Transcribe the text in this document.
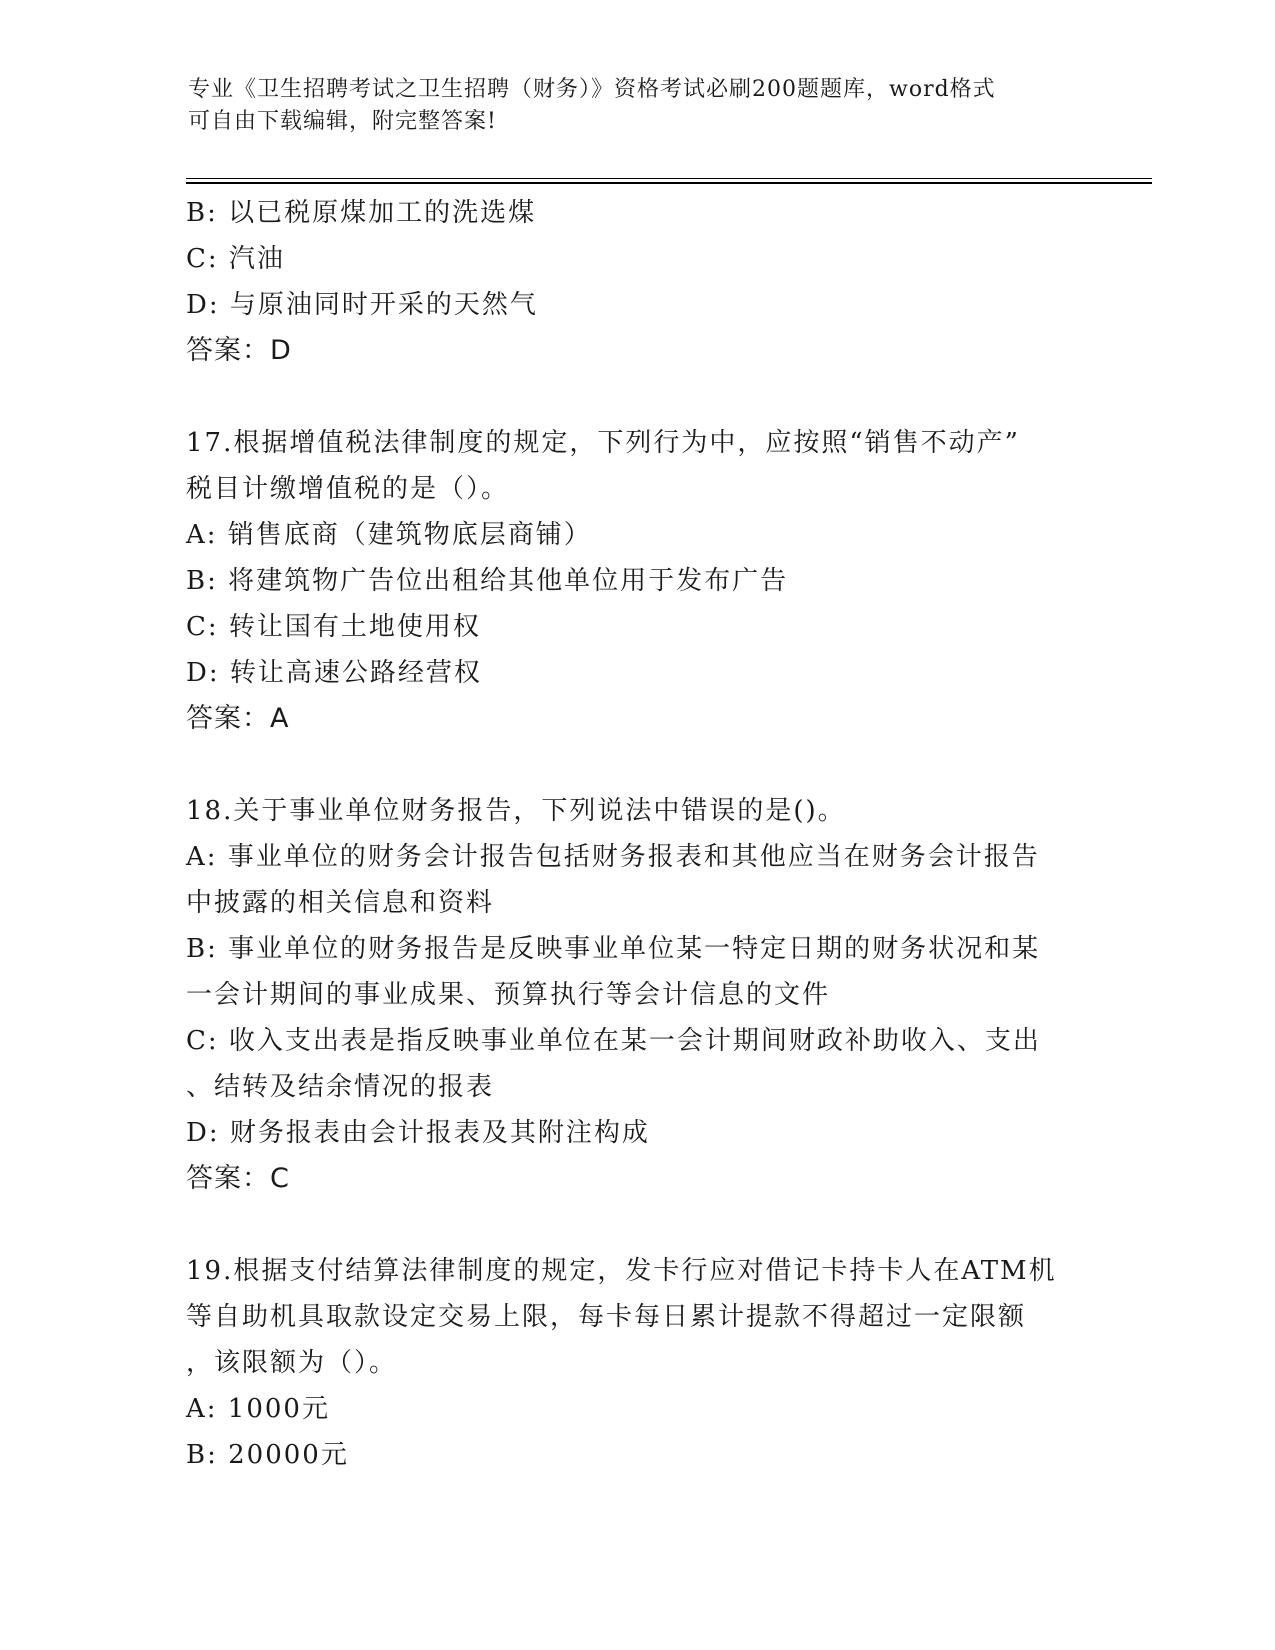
专业《卫生招聘考试之卫生招聘（财务）》资格考试必刷200题题库，word格式
可自由下载编辑，附完整答案!
B: 以已税原煤加工的洗选煤
C: 汽油
D: 与原油同时开采的天然气
答案：D
17.根据增值税法律制度的规定，下列行为中，应按照“销售不动产”
税目计缴增值税的是（）。
A: 销售底商（建筑物底层商铺）
B: 将建筑物广告位出租给其他单位用于发布广告
C: 转让国有土地使用权
D: 转让高速公路经营权
答案：A
18.关于事业单位财务报告，下列说法中错误的是()。
A: 事业单位的财务会计报告包括财务报表和其他应当在财务会计报告
中披露的相关信息和资料
B: 事业单位的财务报告是反映事业单位某一特定日期的财务状况和某
一会计期间的事业成果、预算执行等会计信息的文件
C: 收入支出表是指反映事业单位在某一会计期间财政补助收入、支出
、结转及结余情况的报表
D: 财务报表由会计报表及其附注构成
答案：C
19.根据支付结算法律制度的规定，发卡行应对借记卡持卡人在ATM机
等自助机具取款设定交易上限，每卡每日累计提款不得超过一定限额
，该限额为（）。
A: 1000元
B: 20000元
